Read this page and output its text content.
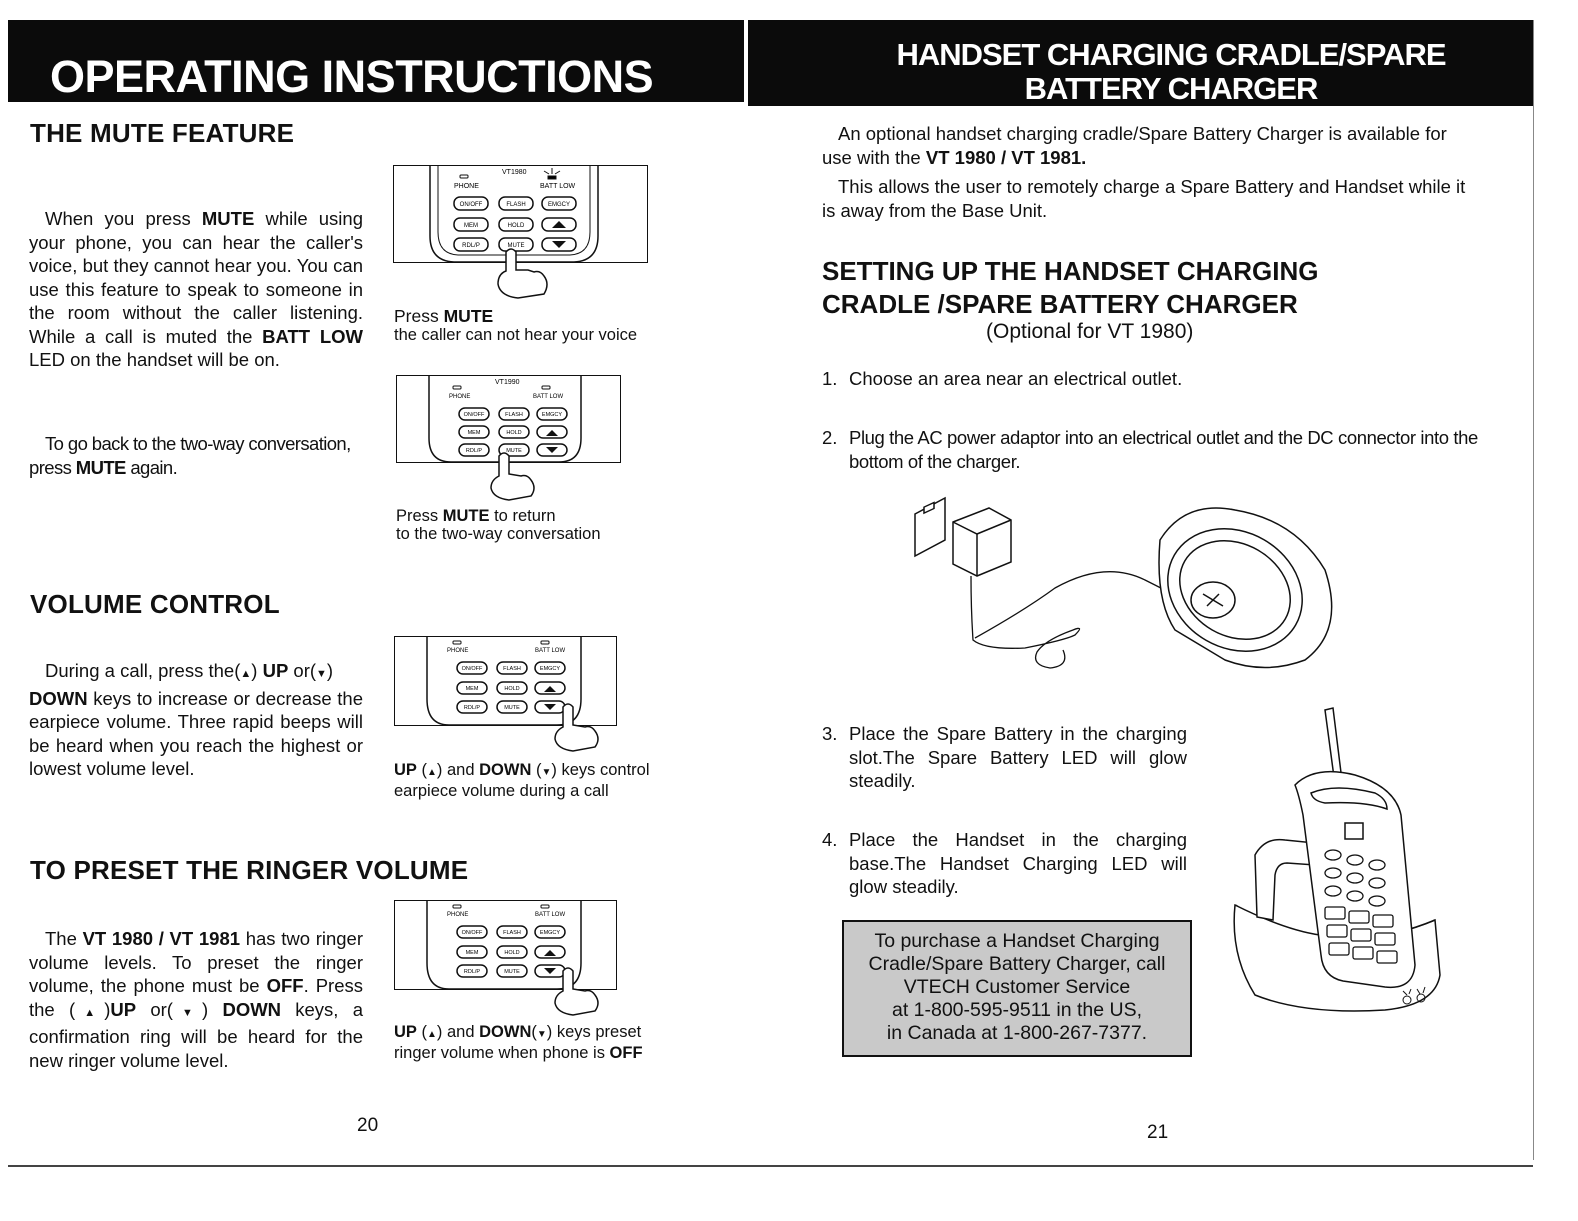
OPERATING INSTRUCTIONS
THE MUTE FEATURE
When you press MUTE while using your phone, you can hear the caller's voice, but they cannot hear you. You can use this feature to speak to someone in the room without the caller listening. While a call is muted the BATT LOW LED on the handset will be on.
To go back to the two-way conversation, press MUTE again.
VT1980
PHONE	BATT LOW
ON/OFF	FLASH	EMGCY
MEM	HOLD
RDL/P	MUTE
Press MUTE
the caller can not hear your voice
VT1990
PHONE	BATT LOW
ON/OFF	FLASH	EMGCY
MEM	HOLD
RDL/P	MUTE
Press MUTE to return
to the two-way conversation
VOLUME CONTROL
During a call, press the(▲) UP or(▼)
DOWN keys to increase or decrease the earpiece volume. Three rapid beeps will be heard when you reach the highest or lowest volume level.
PHONE	BATT LOW
ON/OFF	FLASH	EMGCY
MEM	HOLD
RDL/P	MUTE
UP (▲) and DOWN (▼) keys control
earpiece volume during a call
TO PRESET THE RINGER VOLUME
The VT 1980 / VT 1981 has two ringer volume levels. To preset the ringer volume, the phone must be OFF. Press the (▲)UP or(▼) DOWN keys, a confirmation ring will be heard for the new ringer volume level.
PHONE	BATT LOW
ON/OFF	FLASH	EMGCY
MEM	HOLD
RDL/P	MUTE
UP (▲) and DOWN(▼) keys preset
ringer volume when phone is OFF
20
HANDSET CHARGING CRADLE/SPARE
BATTERY CHARGER
An optional handset charging cradle/Spare Battery Charger is available for use with the VT 1980 / VT 1981.
This allows the user to remotely charge a Spare Battery and Handset while it is away from the Base Unit.
SETTING UP THE HANDSET CHARGING
CRADLE /SPARE BATTERY CHARGER
(Optional for VT 1980)
1. Choose an area near an electrical outlet.
2. Plug the AC power adaptor into an electrical outlet and the DC connector into the bottom of the charger.
3. Place the Spare Battery in the charging slot.The Spare Battery LED will glow steadily.
4. Place the Handset in the charging base.The Handset Charging LED will glow steadily.
To purchase a Handset Charging
Cradle/Spare Battery Charger, call
VTECH Customer Service
at 1-800-595-9511 in the US,
in Canada at 1-800-267-7377.
21
